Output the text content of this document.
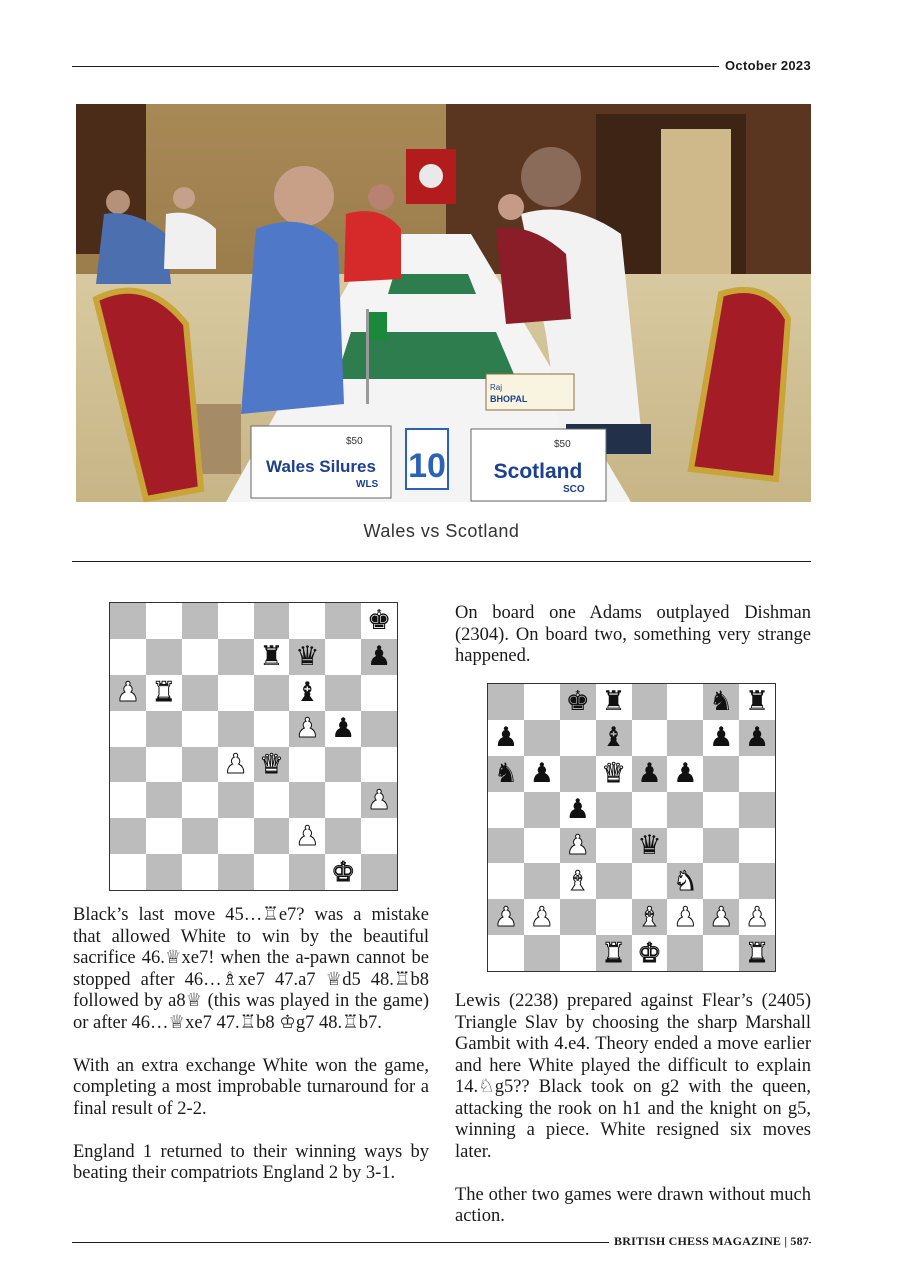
October 2023
Wales Silures
WLS
$50
10 Scotland
SCO
$50
Raj
BHOPAL
Wales vs Scotland
♚
♜ ♛ ♟
♟ ♜	♝
♟ ♟
♟ ♛
♟
♟
♚
♚ ♜	♞ ♜
♟	♝	♟ ♟
♞ ♟ ♛ ♟ ♟
♟
♟ ♛
♝	♞
♟ ♟	♝ ♟ ♟ ♟
♜ ♚	♜

Black’s last move 45…♖e7? was a mistake that allowed White to win by the beautiful sacrifice 46.♕xe7! when the a-pawn cannot be stopped after 46…♗xe7 47.a7 ♕d5 48.♖b8 followed by a8♕ (this was played in the game) or after 46…♕xe7 47.♖b8 ♔g7 48.♖b7.

With an extra exchange White won the game, completing a most improbable turnaround for a final result of 2-2.

England 1 returned to their winning ways by beating their compatriots England 2 by 3-1.

On board one Adams outplayed Dishman (2304). On board two, something very strange happened.

Lewis (2238) prepared against Flear’s (2405) Triangle Slav by choosing the sharp Marshall Gambit with 4.e4. Theory ended a move earlier and here White played the difficult to explain 14.♘g5?? Black took on g2 with the queen, attacking the rook on h1 and the knight on g5, winning a piece. White resigned six moves later.

The other two games were drawn without much action.

BRITISH CHESS MAGAZINE | 587
